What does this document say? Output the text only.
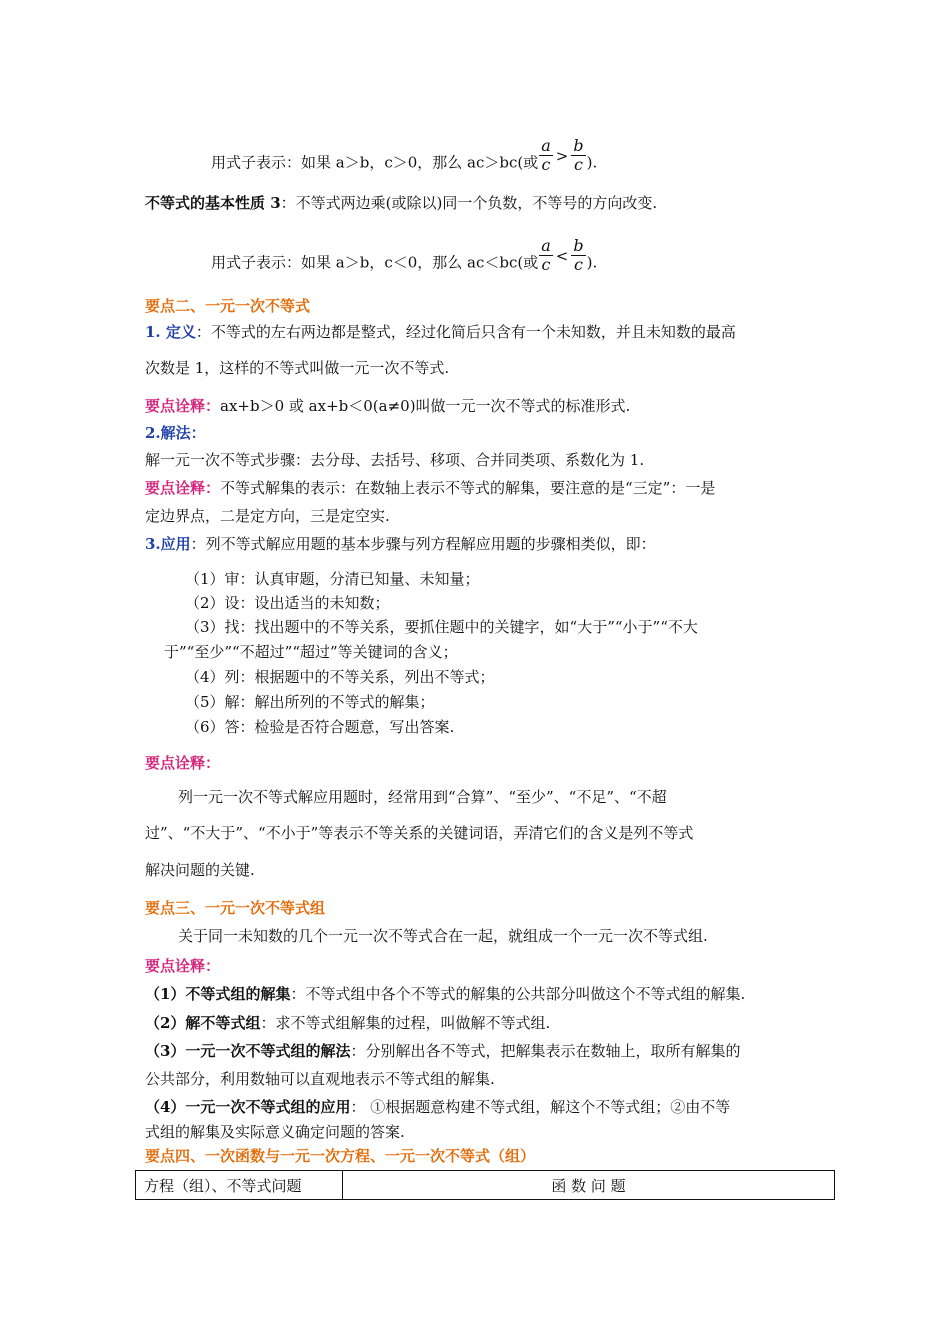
用式子表示：如果 a＞b，c＞0，那么 ac＞bc(或 $\frac{a}{c} > \frac{b}{c}$ ).
不等式的基本性质 3：不等式两边乘(或除以)同一个负数，不等号的方向改变.
用式子表示：如果 a＞b，c＜0，那么 ac＜bc(或 $\frac{a}{c} < \frac{b}{c}$ ).
要点二、一元一次不等式
1. 定义：不等式的左右两边都是整式，经过化简后只含有一个未知数，并且未知数的最高
次数是 1，这样的不等式叫做一元一次不等式.
要点诠释：ax+b＞0 或 ax+b＜0(a≠0)叫做一元一次不等式的标准形式.
2.解法：
解一元一次不等式步骤：去分母、去括号、移项、合并同类项、系数化为 1.
要点诠释：不等式解集的表示：在数轴上表示不等式的解集，要注意的是“三定”：一是
定边界点，二是定方向，三是定空实.
3.应用：列不等式解应用题的基本步骤与列方程解应用题的步骤相类似，即：
（1）审：认真审题，分清已知量、未知量；
（2）设：设出适当的未知数；
（3）找：找出题中的不等关系，要抓住题中的关键字，如“大于”“小于”“不大
于”“至少”“不超过”“超过”等关键词的含义；
（4）列：根据题中的不等关系，列出不等式；
（5）解：解出所列的不等式的解集；
（6）答：检验是否符合题意，写出答案.
要点诠释：
列一元一次不等式解应用题时，经常用到“合算”、“至少”、“不足”、“不超
过”、“不大于”、“不小于”等表示不等关系的关键词语，弄清它们的含义是列不等式
解决问题的关键.
要点三、一元一次不等式组
关于同一未知数的几个一元一次不等式合在一起，就组成一个一元一次不等式组.
要点诠释：
（1）不等式组的解集：不等式组中各个不等式的解集的公共部分叫做这个不等式组的解集.
（2）解不等式组：求不等式组解集的过程，叫做解不等式组.
（3）一元一次不等式组的解法：分别解出各不等式，把解集表示在数轴上，取所有解集的
公共部分，利用数轴可以直观地表示不等式组的解集.
（4）一元一次不等式组的应用： ①根据题意构建不等式组，解这个不等式组；②由不等
式组的解集及实际意义确定问题的答案.
要点四、一次函数与一元一次方程、一元一次不等式（组）
方程（组）、不等式问题	函 数 问 题
